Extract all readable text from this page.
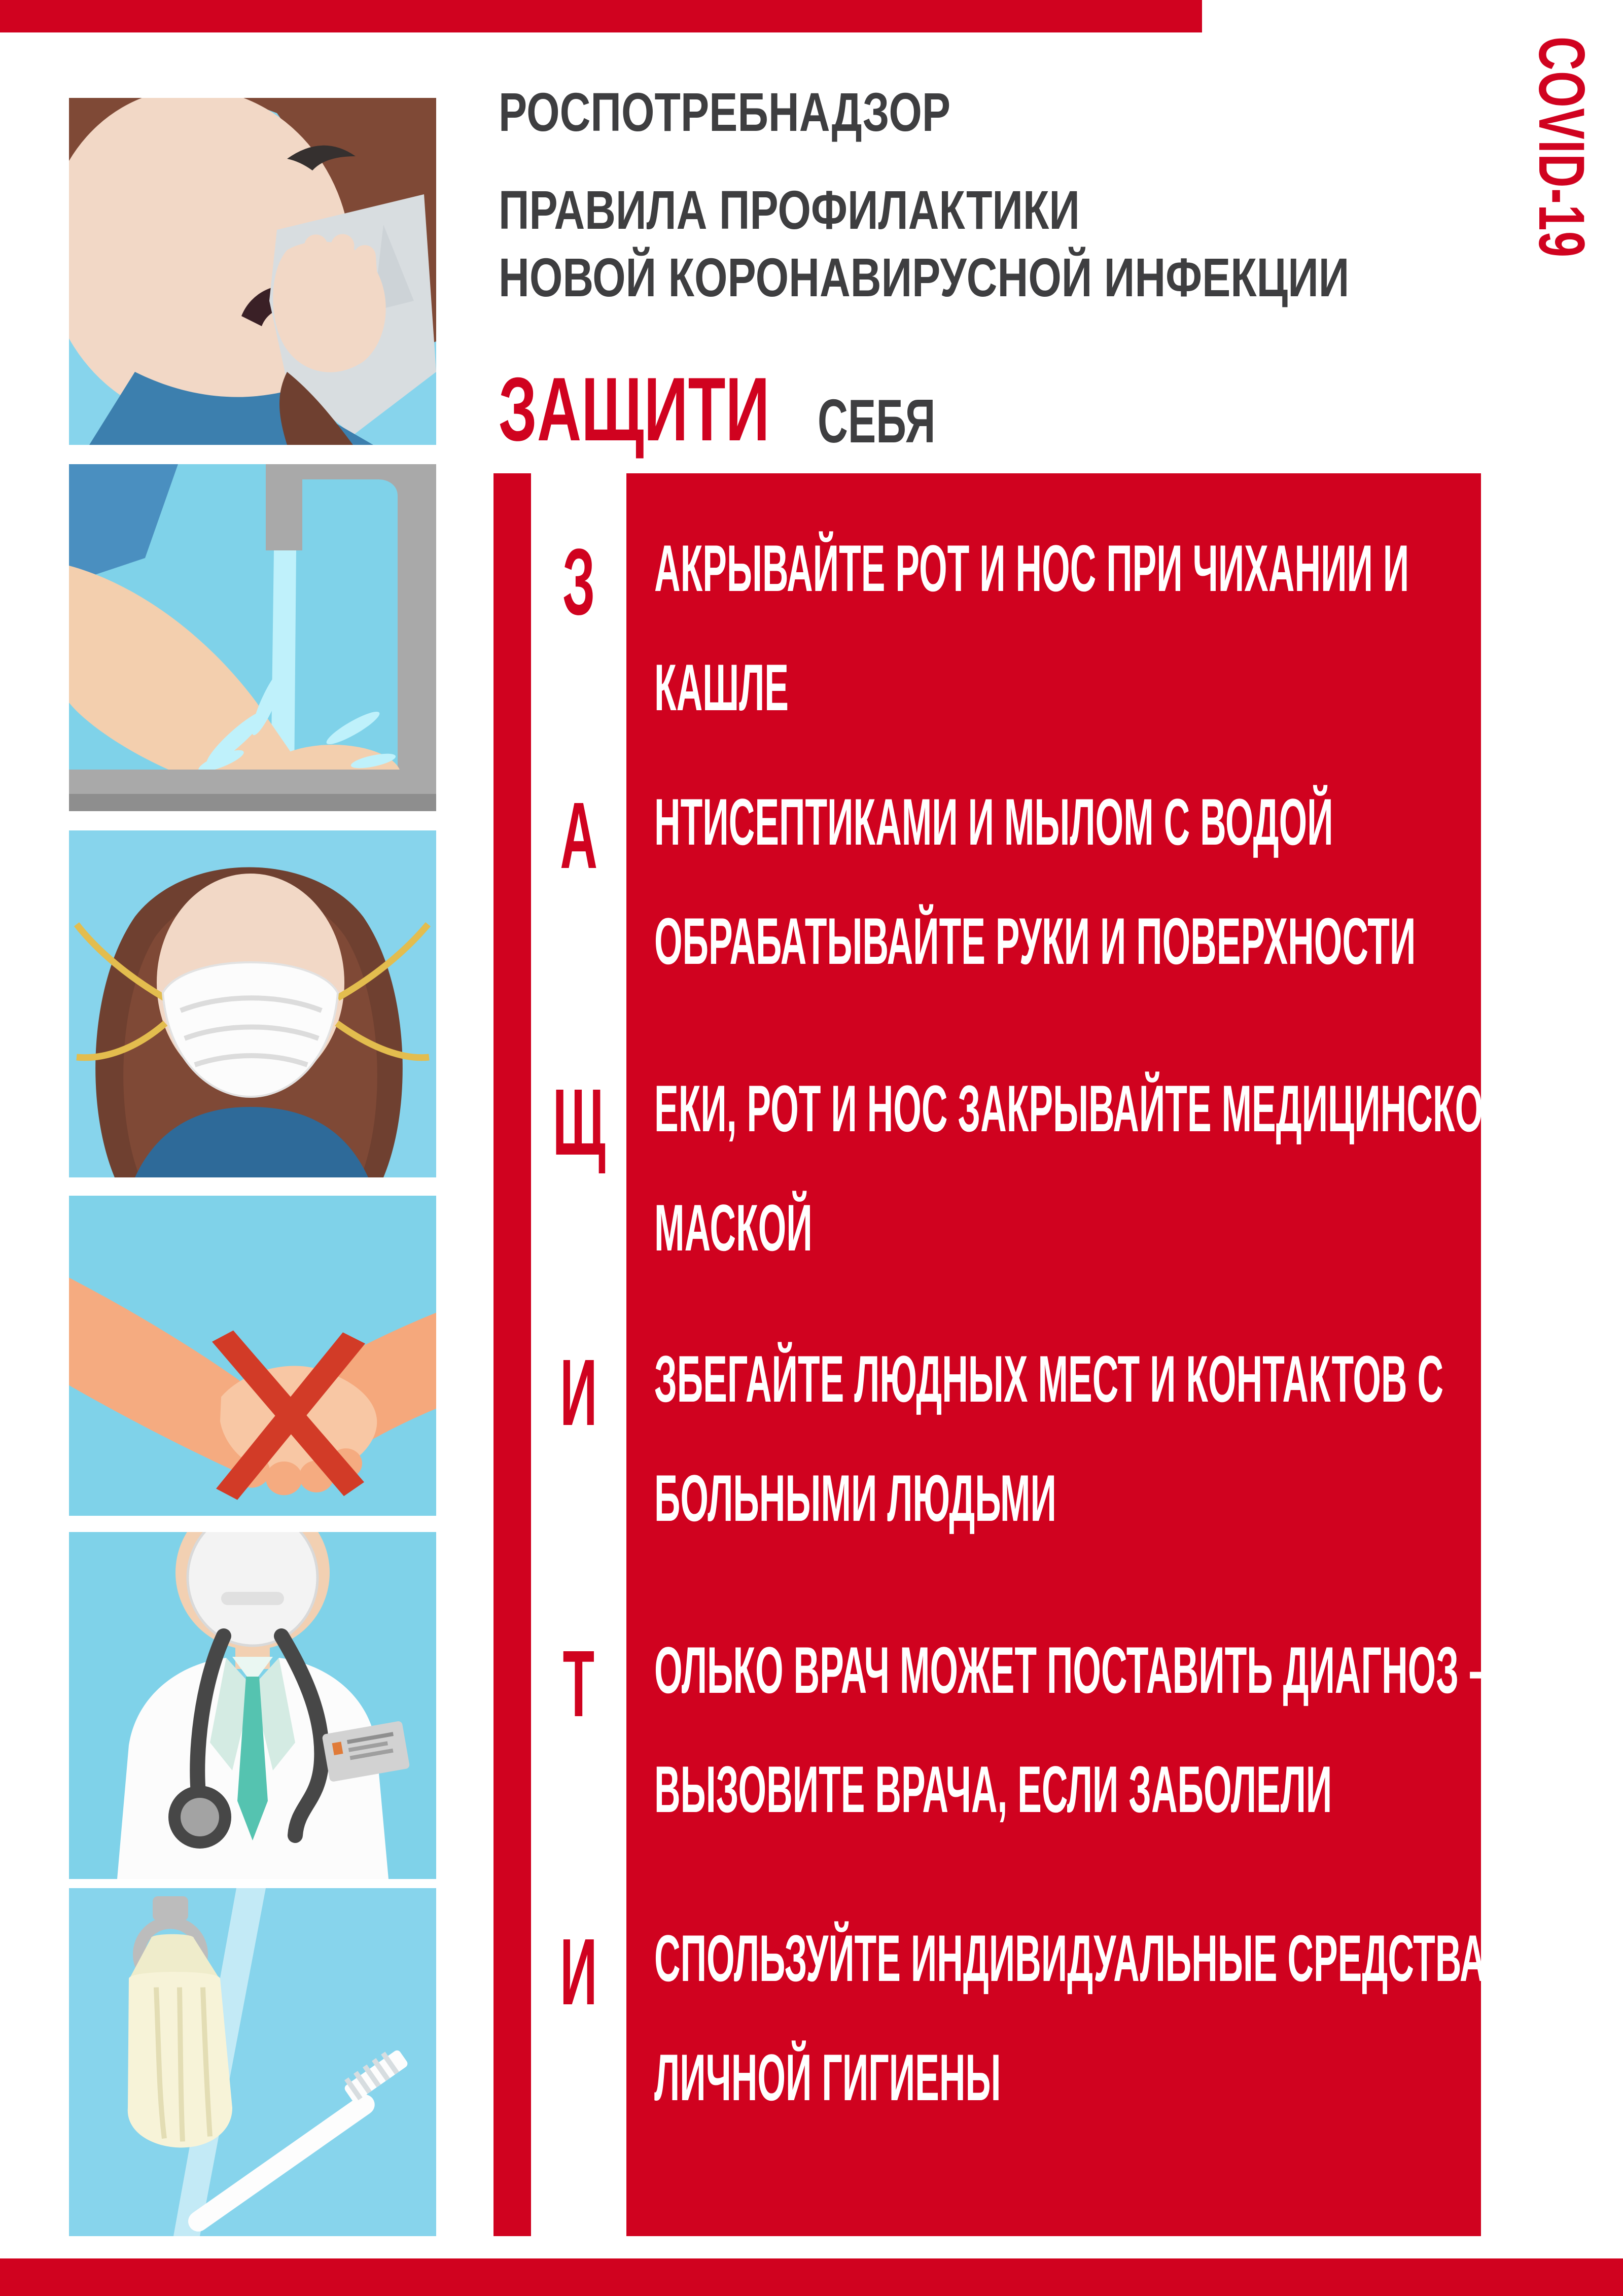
COVID-19
РОСПОТРЕБНАДЗОР
ПРАВИЛА ПРОФИЛАКТИКИ
НОВОЙ КОРОНАВИРУСНОЙ ИНФЕКЦИИ
ЗАЩИТИ СЕБЯ
З
А
Щ
И
Т
И
АКРЫВАЙТЕ РОТ И НОС ПРИ ЧИХАНИИ И
КАШЛЕ
НТИСЕПТИКАМИ И МЫЛОМ С ВОДОЙ
ОБРАБАТЫВАЙТЕ РУКИ И ПОВЕРХНОСТИ
ЕКИ, РОТ И НОС ЗАКРЫВАЙТЕ МЕДИЦИНСКОЙ
МАСКОЙ
ЗБЕГАЙТЕ ЛЮДНЫХ МЕСТ И КОНТАКТОВ С
БОЛЬНЫМИ ЛЮДЬМИ
ОЛЬКО ВРАЧ МОЖЕТ ПОСТАВИТЬ ДИАГНОЗ –
ВЫЗОВИТЕ ВРАЧА, ЕСЛИ ЗАБОЛЕЛИ
СПОЛЬЗУЙТЕ ИНДИВИДУАЛЬНЫЕ СРЕДСТВА
ЛИЧНОЙ ГИГИЕНЫ
